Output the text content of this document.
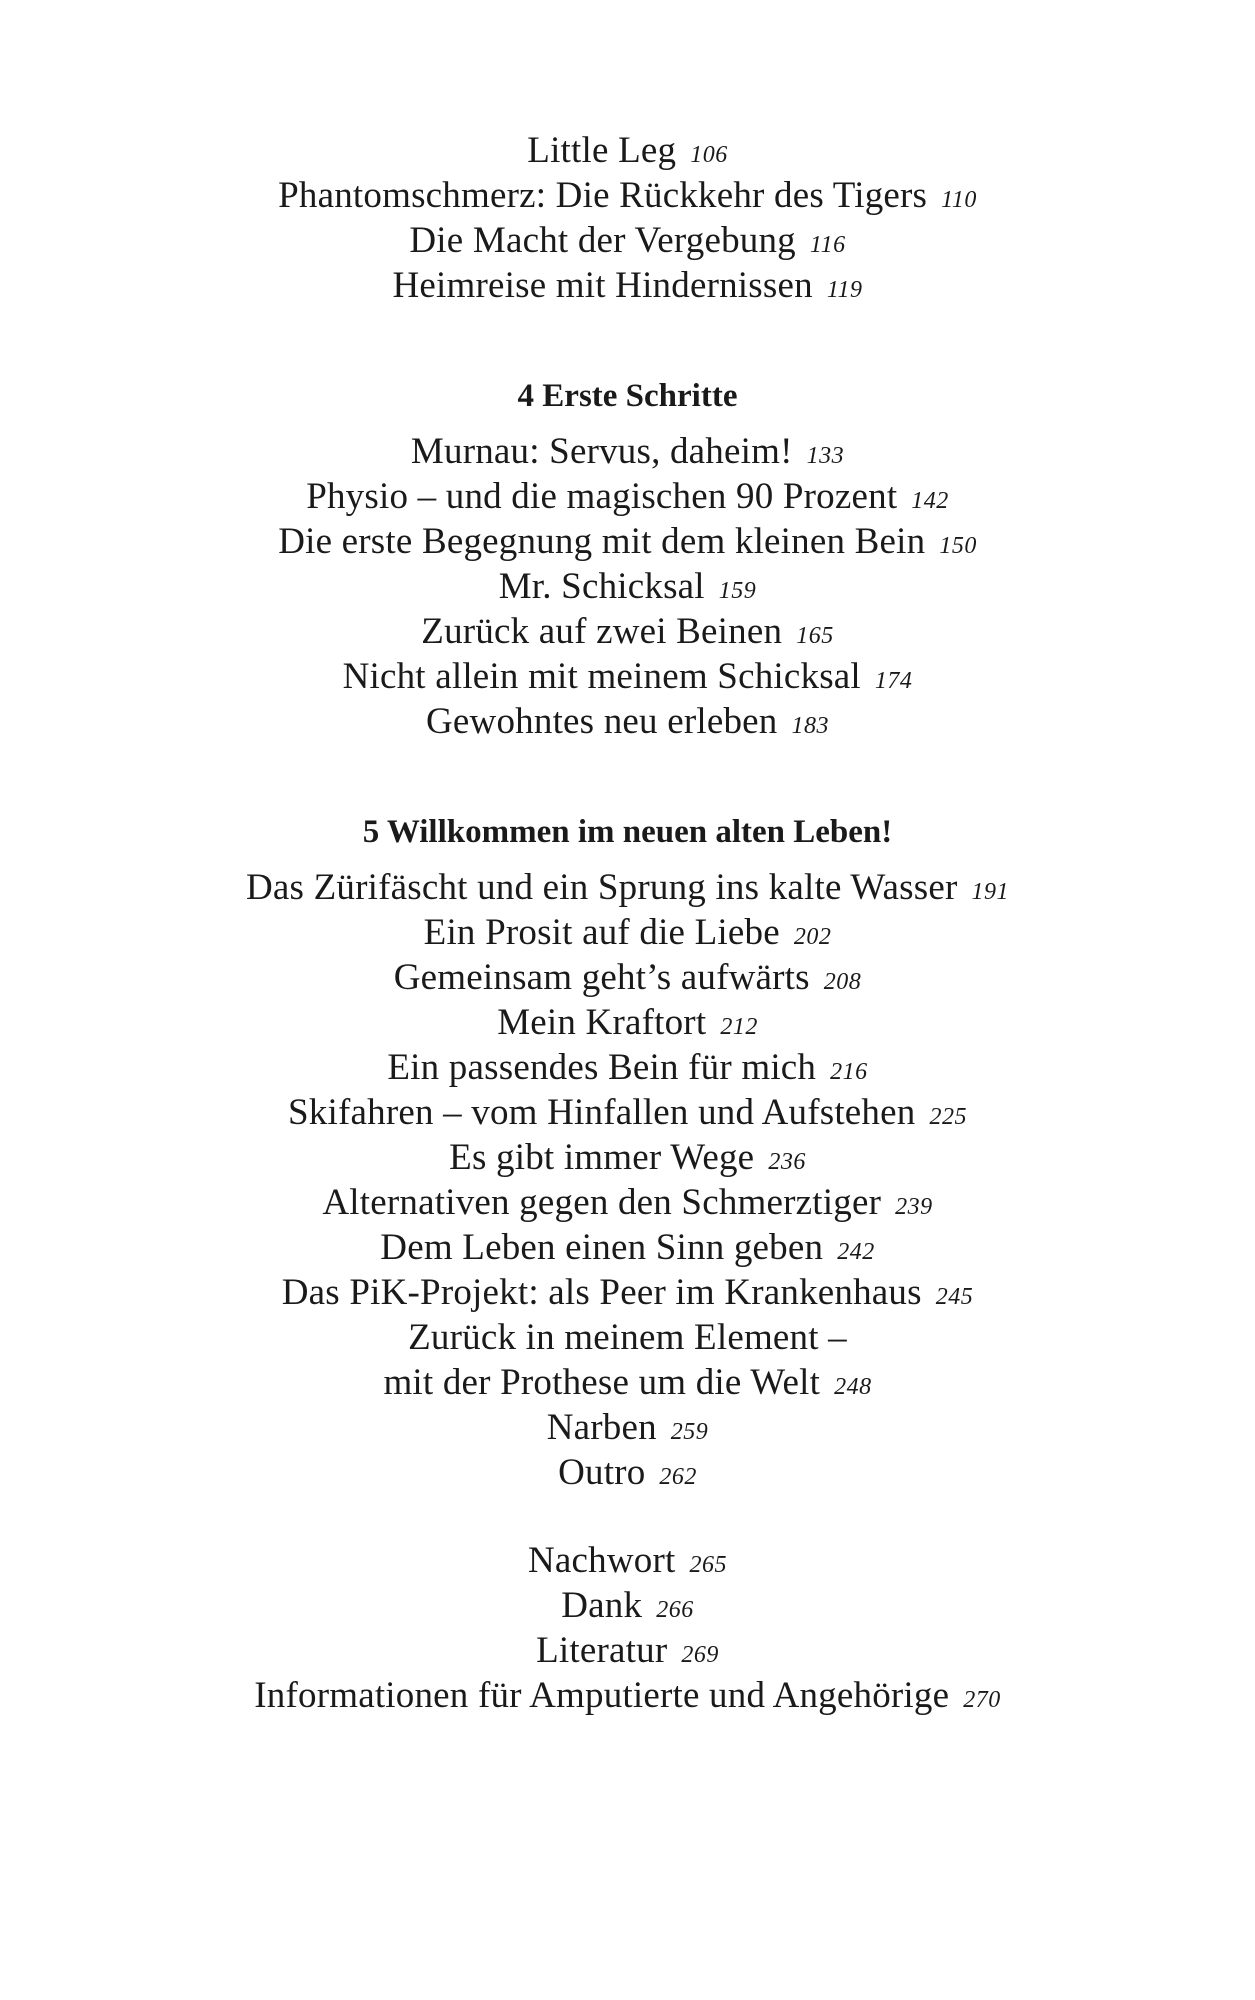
Little Leg 106
Phantomschmerz: Die Rückkehr des Tigers 110
Die Macht der Vergebung 116
Heimreise mit Hindernissen 119
4 Erste Schritte
Murnau: Servus, daheim! 133
Physio – und die magischen 90 Prozent 142
Die erste Begegnung mit dem kleinen Bein 150
Mr. Schicksal 159
Zurück auf zwei Beinen 165
Nicht allein mit meinem Schicksal 174
Gewohntes neu erleben 183
5 Willkommen im neuen alten Leben!
Das Zürifäscht und ein Sprung ins kalte Wasser 191
Ein Prosit auf die Liebe 202
Gemeinsam geht’s aufwärts 208
Mein Kraftort 212
Ein passendes Bein für mich 216
Skifahren – vom Hinfallen und Aufstehen 225
Es gibt immer Wege 236
Alternativen gegen den Schmerztiger 239
Dem Leben einen Sinn geben 242
Das PiK-Projekt: als Peer im Krankenhaus 245
Zurück in meinem Element –
mit der Prothese um die Welt 248
Narben 259
Outro 262
Nachwort 265
Dank 266
Literatur 269
Informationen für Amputierte und Angehörige 270
